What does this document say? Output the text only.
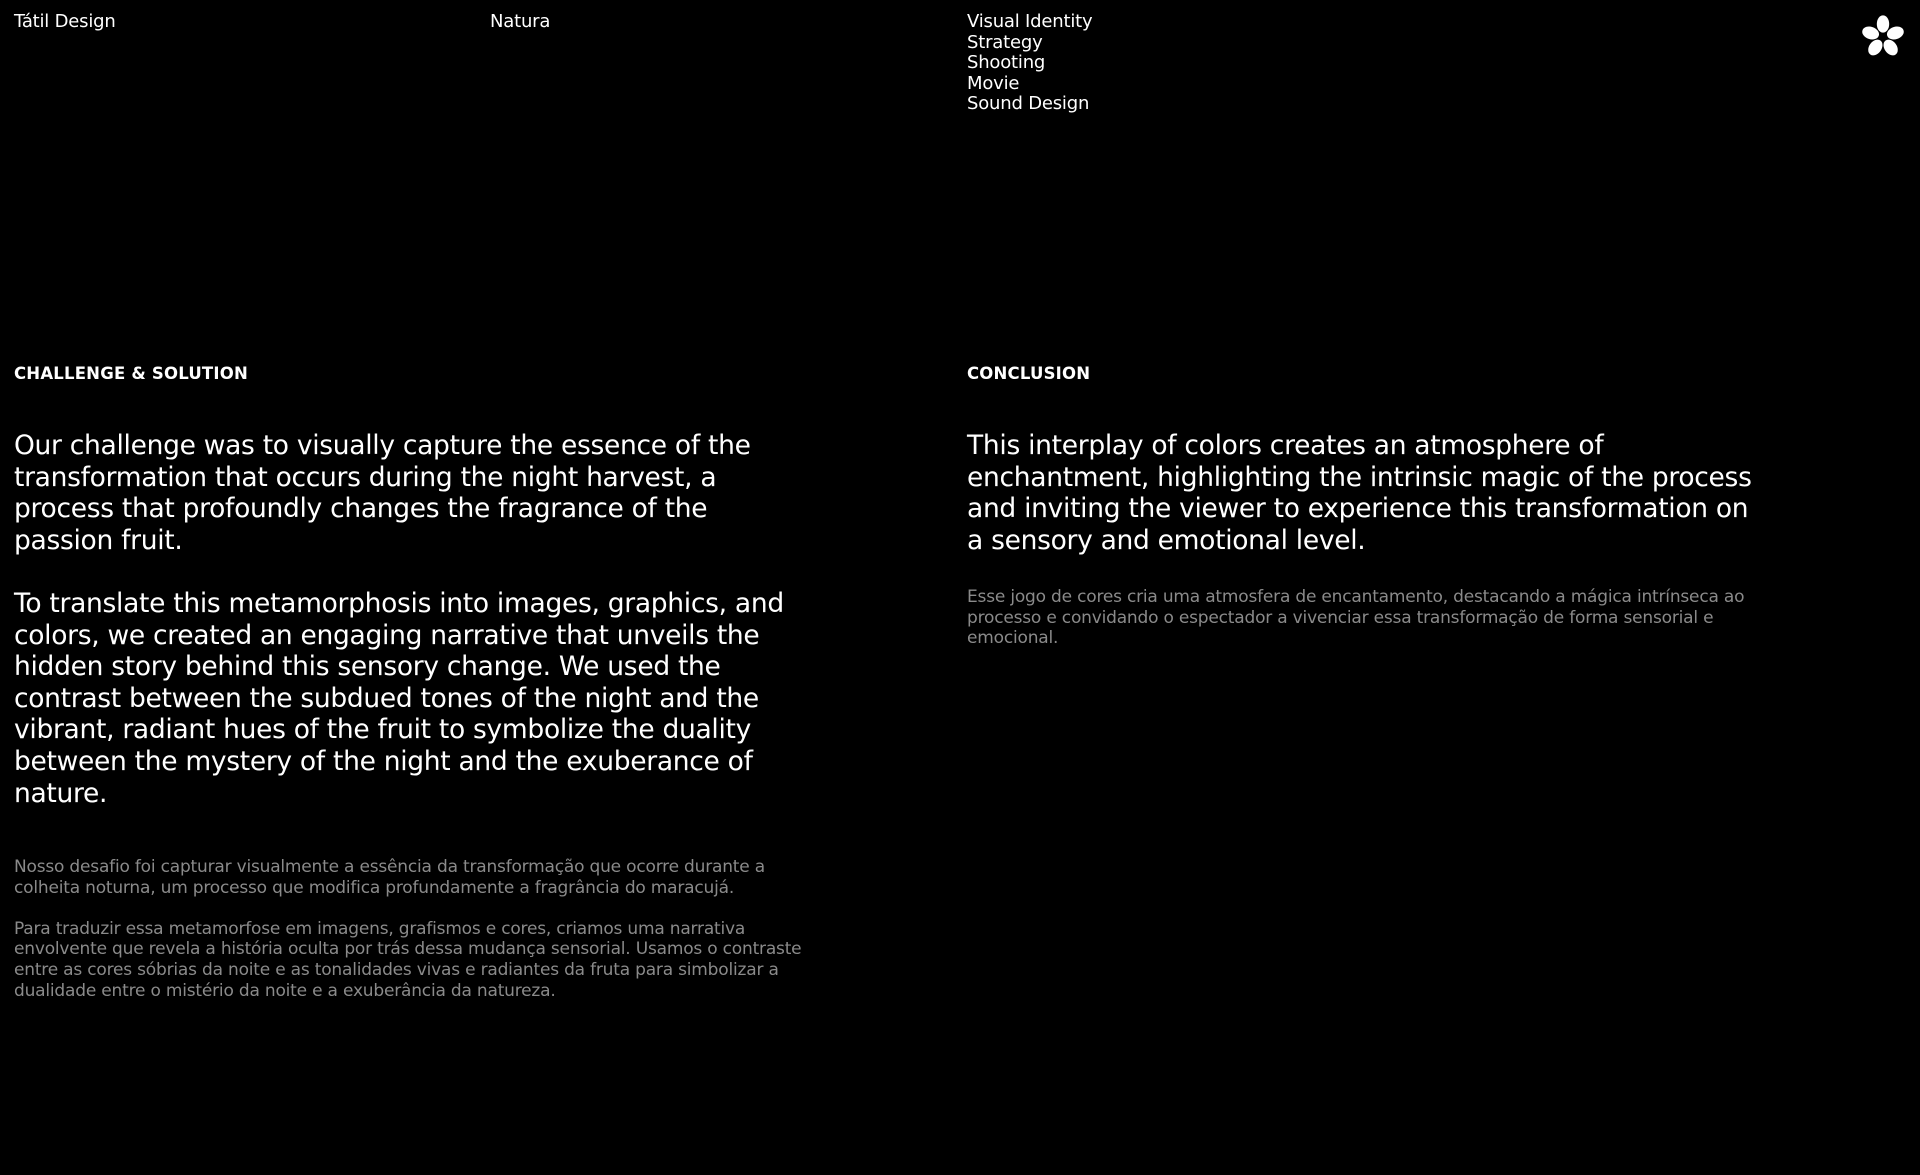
Tátil Design	Natura	Visual Identity
Strategy
Shooting
Movie
Sound Design
CHALLENGE & SOLUTION

Our challenge was to visually capture the essence of the transformation that occurs during the night harvest, a process that profoundly changes the fragrance of the passion fruit.

To translate this metamorphosis into images, graphics, and colors, we created an engaging narrative that unveils the hidden story behind this sensory change. We used the contrast between the subdued tones of the night and the vibrant, radiant hues of the fruit to symbolize the duality between the mystery of the night and the exuberance of nature.

Nosso desafio foi capturar visualmente a essência da transformação que ocorre durante a colheita noturna, um processo que modifica profundamente a fragrância do maracujá.

Para traduzir essa metamorfose em imagens, grafismos e cores, criamos uma narrativa envolvente que revela a história oculta por trás dessa mudança sensorial. Usamos o contraste entre as cores sóbrias da noite e as tonalidades vivas e radiantes da fruta para simbolizar a dualidade entre o mistério da noite e a exuberância da natureza.

CONCLUSION

This interplay of colors creates an atmosphere of enchantment, highlighting the intrinsic magic of the process and inviting the viewer to experience this transformation on a sensory and emotional level.

Esse jogo de cores cria uma atmosfera de encantamento, destacando a mágica intrínseca ao processo e convidando o espectador a vivenciar essa transformação de forma sensorial e emocional.
